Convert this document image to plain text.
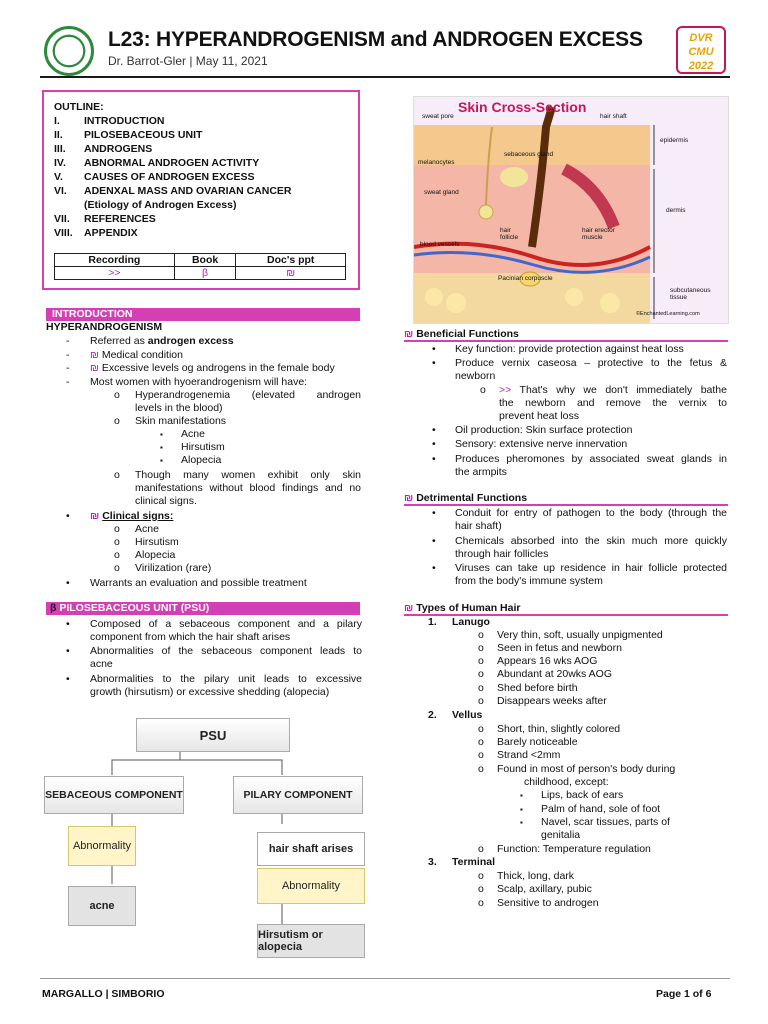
L23: HYPERANDROGENISM and ANDROGEN EXCESS
Dr. Barrot-Gler | May 11, 2021
DVR
CMU
2022
OUTLINE:
I. INTRODUCTION
II. PILOSEBACEOUS UNIT
III. ANDROGENS
IV. ABNORMAL ANDROGEN ACTIVITY
V. CAUSES OF ANDROGEN EXCESS
VI. ADENXAL MASS AND OVARIAN CANCER
(Etiology of Androgen Excess)
VII. REFERENCES
VIII. APPENDIX
Recording	Book	Doc's ppt
>>	β	₪
INTRODUCTION
HYPERANDROGENISM
- Referred as androgen excess
- ₪ Medical condition
- ₪ Excessive levels og androgens in the female body
- Most women with hyoerandrogenism will have:
o Hyperandrogenemia (elevated androgen
levels in the blood)
o Skin manifestations
▪ Acne
▪ Hirsutism
▪ Alopecia
o Though many women exhibit only skin
manifestations without blood findings and no
clinical signs.
• ₪ Clinical signs:
o Acne
o Hirsutism
o Alopecia
o Virilization (rare)
• Warrants an evaluation and possible treatment
β PILOSEBACEOUS UNIT (PSU)
• Composed of a sebaceous component and a pilary
component from which the hair shaft arises
• Abnormalities of the sebaceous component leads to
acne
• Abnormalities to the pilary unit leads to excessive
growth (hirsutism) or excessive shedding (alopecia)
PSU
SEBACEOUS COMPONENT	PILARY COMPONENT
Abnormality
acne
hair shaft arises
Abnormality
Hirsutism or alopecia
Skin Cross-Section
sweat pore	hair shaft
epidermis
sebaceous gland
melanocytes
sweat gland
dermis
hair follicle
hair erector muscle
blood vessels
Pacinian corpuscle
subcutaneous tissue
©EnchantedLearning.com
₪ Beneficial Functions
• Key function: provide protection against heat loss
• Produce vernix caseosa – protective to the fetus &
newborn
o >> That's why we don't immediately bathe
the newborn and remove the vernix to
prevent heat loss
• Oil production: Skin surface protection
• Sensory: extensive nerve innervation
• Produces pheromones by associated sweat glands in
the armpits
₪ Detrimental Functions
• Conduit for entry of pathogen to the body (through the
hair shaft)
• Chemicals absorbed into the skin much more quickly
through hair follicles
• Viruses can take up residence in hair follicle protected
from the body's immune system
₪ Types of Human Hair
1. Lanugo
o Very thin, soft, usually unpigmented
o Seen in fetus and newborn
o Appears 16 wks AOG
o Abundant at 20wks AOG
o Shed before birth
o Disappears weeks after
2. Vellus
o Short, thin, slightly colored
o Barely noticeable
o Strand <2mm
o Found in most of person's body during
childhood, except:
▪ Lips, back of ears
▪ Palm of hand, sole of foot
▪ Navel, scar tissues, parts of
genitalia
o Function: Temperature regulation
3. Terminal
o Thick, long, dark
o Scalp, axillary, pubic
o Sensitive to androgen
MARGALLO | SIMBORIO	Page 1 of 6
